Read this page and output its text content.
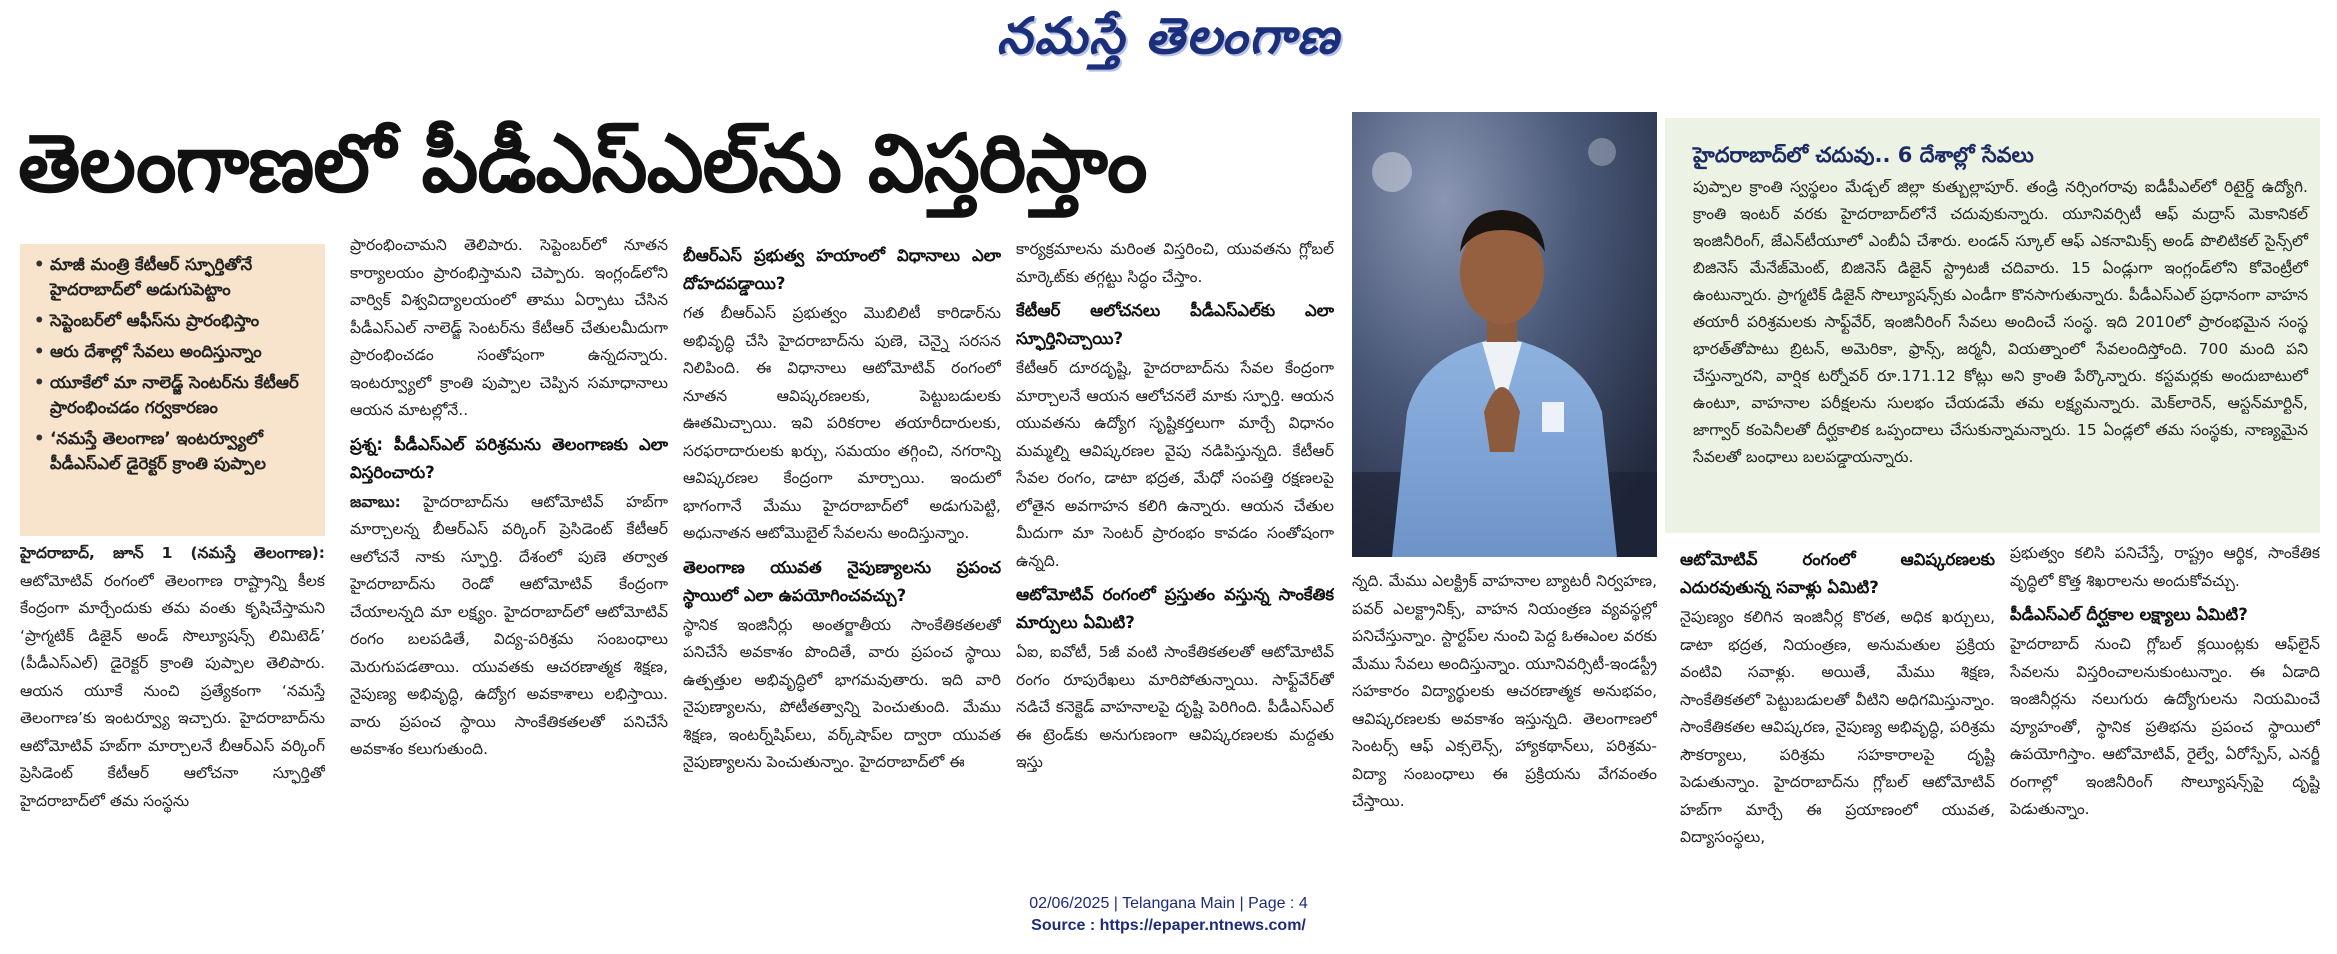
నమస్తే తెలంగాణ
తెలంగాణలో పీడీఎస్‌ఎల్‌ను విస్తరిస్తాం
• మాజీ మంత్రి కేటీఆర్ స్ఫూర్తితోనే హైదరాబాద్‌లో అడుగుపెట్టాం
• సెప్టెంబర్‌లో ఆఫీస్‌ను ప్రారంభిస్తాం
• ఆరు దేశాల్లో సేవలు అందిస్తున్నాం
• యూకేలో మా నాలెడ్జ్ సెంటర్‌ను కేటీఆర్ ప్రారంభించడం గర్వకారణం
• ‘నమస్తే తెలంగాణ’ ఇంటర్వ్యూలో పీడీఎస్‌ఎల్ డైరెక్టర్ క్రాంతి పుప్పాల

హైదరాబాద్, జూన్ 1 (నమస్తే తెలంగాణ): ఆటోమోటివ్ రంగంలో తెలంగాణ రాష్ట్రాన్ని కీలక కేంద్రంగా మార్చేందుకు తమ వంతు కృషిచేస్తామని ‘ప్రాగ్మటిక్ డిజైన్ అండ్ సొల్యూషన్స్ లిమిటెడ్’ (పీడీఎస్‌ఎల్) డైరెక్టర్ క్రాంతి పుప్పాల తెలిపారు. ఆయన యూకే నుంచి ప్రత్యేకంగా ‘నమస్తే తెలంగాణ’కు ఇంటర్వ్యూ ఇచ్చారు. హైదరాబాద్‌ను ఆటోమోటివ్ హబ్‌గా మార్చాలనే బీఆర్‌ఎస్ వర్కింగ్ ప్రెసిడెంట్ కేటీఆర్ ఆలోచనా స్ఫూర్తితో హైదరాబాద్‌లో తమ సంస్థను

ప్రారంభించామని తెలిపారు. సెప్టెంబర్‌లో నూతన కార్యాలయం ప్రారంభిస్తామని చెప్పారు. ఇంగ్లండ్‌లోని వార్విక్ విశ్వవిద్యాలయంలో తాము ఏర్పాటు చేసిన పీడీఎస్‌ఎల్ నాలెడ్జ్ సెంటర్‌ను కేటీఆర్ చేతులమీదుగా ప్రారంభించడం సంతోషంగా ఉన్నదన్నారు. ఇంటర్వ్యూలో క్రాంతి పుప్పాల చెప్పిన సమాధానాలు ఆయన మాటల్లోనే..

ప్రశ్న: పీడీఎస్‌ఎల్ పరిశ్రమను తెలంగాణకు ఎలా విస్తరించారు?

జవాబు: హైదరాబాద్‌ను ఆటోమోటివ్ హబ్‌గా మార్చాలన్న బీఆర్‌ఎస్ వర్కింగ్ ప్రెసిడెంట్ కేటీఆర్ ఆలోచనే నాకు స్ఫూర్తి. దేశంలో పుణె తర్వాత హైదరాబాద్‌ను రెండో ఆటోమోటివ్ కేంద్రంగా చేయాలన్నది మా లక్ష్యం. హైదరాబాద్‌లో ఆటోమోటివ్ రంగం బలపడితే, విద్య-పరిశ్రమ సంబంధాలు మెరుగుపడతాయి. యువతకు ఆచరణాత్మక శిక్షణ, నైపుణ్య అభివృద్ధి, ఉద్యోగ అవకాశాలు లభిస్తాయి. వారు ప్రపంచ స్థాయి సాంకేతికతలతో పనిచేసే అవకాశం కలుగుతుంది.

బీఆర్‌ఎస్ ప్రభుత్వ హయాంలో విధానాలు ఎలా దోహదపడ్డాయి?

గత బీఆర్‌ఎస్ ప్రభుత్వం మొబిలిటీ కారిడార్‌ను అభివృద్ధి చేసి హైదరాబాద్‌ను పుణె, చెన్నై సరసన నిలిపింది. ఈ విధానాలు ఆటోమోటివ్ రంగంలో నూతన ఆవిష్కరణలకు, పెట్టుబడులకు ఊతమిచ్చాయి. ఇవి పరికరాల తయారీదారులకు, సరఫరాదారులకు ఖర్చు, సమయం తగ్గించి, నగరాన్ని ఆవిష్కరణల కేంద్రంగా మార్చాయి. ఇందులో భాగంగానే మేము హైదరాబాద్‌లో అడుగుపెట్టి, అధునాతన ఆటోమొబైల్ సేవలను అందిస్తున్నాం.

తెలంగాణ యువత నైపుణ్యాలను ప్రపంచ స్థాయిలో ఎలా ఉపయోగించవచ్చు?

స్థానిక ఇంజినీర్లు అంతర్జాతీయ సాంకేతికతలతో పనిచేసే అవకాశం పొందితే, వారు ప్రపంచ స్థాయి ఉత్పత్తుల అభివృద్ధిలో భాగమవుతారు. ఇది వారి నైపుణ్యాలను, పోటీతత్వాన్ని పెంచుతుంది. మేము శిక్షణ, ఇంటర్న్‌షిప్‌లు, వర్క్‌షాప్‌ల ద్వారా యువత నైపుణ్యాలను పెంచుతున్నాం. హైదరాబాద్‌లో ఈ

కార్యక్రమాలను మరింత విస్తరించి, యువతను గ్లోబల్ మార్కెట్‌కు తగ్గట్టు సిద్ధం చేస్తాం.

కేటీఆర్ ఆలోచనలు పీడీఎస్‌ఎల్‌కు ఎలా స్ఫూర్తినిచ్చాయి?

కేటీఆర్ దూరదృష్టి, హైదరాబాద్‌ను సేవల కేంద్రంగా మార్చాలనే ఆయన ఆలోచనలే మాకు స్ఫూర్తి. ఆయన యువతను ఉద్యోగ సృష్టికర్తలుగా మార్చే విధానం మమ్మల్ని ఆవిష్కరణల వైపు నడిపిస్తున్నది. కేటీఆర్ సేవల రంగం, డాటా భద్రత, మేధో సంపత్తి రక్షణలపై లోతైన అవగాహన కలిగి ఉన్నారు. ఆయన చేతుల మీదుగా మా సెంటర్ ప్రారంభం కావడం సంతోషంగా ఉన్నది.

ఆటోమోటివ్ రంగంలో ప్రస్తుతం వస్తున్న సాంకేతిక మార్పులు ఏమిటి?

ఏఐ, ఐవోటీ, 5జీ వంటి సాంకేతికతలతో ఆటోమోటివ్ రంగం రూపురేఖలు మారిపోతున్నాయి. సాఫ్ట్‌వేర్‌తో నడిచే కనెక్టెడ్ వాహనాలపై దృష్టి పెరిగింది. పీడీఎస్‌ఎల్ ఈ ట్రెండ్‌కు అనుగుణంగా ఆవిష్కరణలకు మద్దతు ఇస్తు

న్నది. మేము ఎలక్ట్రిక్ వాహనాల బ్యాటరీ నిర్వహణ, పవర్ ఎలక్ట్రానిక్స్, వాహన నియంత్రణ వ్యవస్థల్లో పనిచేస్తున్నాం. స్టార్టప్‌ల నుంచి పెద్ద ఓఈఎంల వరకు మేము సేవలు అందిస్తున్నాం. యూనివర్సిటీ-ఇండస్ట్రీ సహకారం విద్యార్థులకు ఆచరణాత్మక అనుభవం, ఆవిష్కరణలకు అవకాశం ఇస్తున్నది. తెలంగాణలో సెంటర్స్ ఆఫ్ ఎక్సలెన్స్, హ్యాకథాన్‌లు, పరిశ్రమ-విద్యా సంబంధాలు ఈ ప్రక్రియను వేగవంతం చేస్తాయి.

హైదరాబాద్‌లో చదువు.. 6 దేశాల్లో సేవలు
పుప్పాల క్రాంతి స్వస్థలం మేడ్చల్ జిల్లా కుత్బుల్లాపూర్. తండ్రి నర్సింగరావు ఐడీపీఎల్‌లో రిటైర్డ్ ఉద్యోగి. క్రాంతి ఇంటర్ వరకు హైదరాబాద్‌లోనే చదువుకున్నారు. యూనివర్సిటీ ఆఫ్ మద్రాస్ మెకానికల్ ఇంజినీరింగ్, జేఎన్‌టీయూలో ఎంబీఏ చేశారు. లండన్ స్కూల్ ఆఫ్ ఎకనామిక్స్ అండ్ పొలిటికల్ సైన్స్‌లో బిజినెస్ మేనేజ్‌మెంట్, బిజినెస్ డిజైన్ స్ట్రాటజీ చదివారు. 15 ఏండ్లుగా ఇంగ్లండ్‌లోని కోవెంట్రీలో ఉంటున్నారు. ప్రాగ్మటిక్ డిజైన్ సొల్యూషన్స్‌కు ఎండీగా కొనసాగుతున్నారు. పీడీఎస్‌ఎల్ ప్రధానంగా వాహన తయారీ పరిశ్రమలకు సాఫ్ట్‌వేర్, ఇంజినీరింగ్ సేవలు అందించే సంస్థ. ఇది 2010లో ప్రారంభమైన సంస్థ భారత్‌తోపాటు బ్రిటన్, అమెరికా, ఫ్రాన్స్, జర్మనీ, వియత్నాంలో సేవలందిస్తోంది. 700 మంది పని చేస్తున్నారని, వార్షిక టర్నోవర్ రూ.171.12 కోట్లు అని క్రాంతి పేర్కొన్నారు. కస్టమర్లకు అందుబాటులో ఉంటూ, వాహనాల పరీక్షలను సులభం చేయడమే తమ లక్ష్యమన్నారు. మెక్‌లారెన్, ఆస్టన్‌మార్టిన్, జాగ్వార్ కంపెనీలతో దీర్ఘకాలిక ఒప్పందాలు చేసుకున్నామన్నారు. 15 ఏండ్లలో తమ సంస్థకు, నాణ్యమైన సేవలతో బంధాలు బలపడ్డాయన్నారు.

ఆటోమోటివ్ రంగంలో ఆవిష్కరణలకు ఎదురవుతున్న సవాళ్లు ఏమిటి?

నైపుణ్యం కలిగిన ఇంజినీర్ల కొరత, అధిక ఖర్చులు, డాటా భద్రత, నియంత్రణ, అనుమతుల ప్రక్రియ వంటివి సవాళ్లు. అయితే, మేము శిక్షణ, సాంకేతికతలో పెట్టుబడులతో వీటిని అధిగమిస్తున్నాం. సాంకేతికతల ఆవిష్కరణ, నైపుణ్య అభివృద్ధి, పరిశ్రమ సౌకర్యాలు, పరిశ్రమ సహకారాలపై దృష్టి పెడుతున్నాం. హైదరాబాద్‌ను గ్లోబల్ ఆటోమోటివ్ హబ్‌గా మార్చే ఈ ప్రయాణంలో యువత, విద్యాసంస్థలు,

ప్రభుత్వం కలిసి పనిచేస్తే, రాష్ట్రం ఆర్థిక, సాంకేతిక వృద్ధిలో కొత్త శిఖరాలను అందుకోవచ్చు.

పీడీఎస్‌ఎల్ దీర్ఘకాల లక్ష్యాలు ఏమిటి?

హైదరాబాద్ నుంచి గ్లోబల్ క్లయింట్లకు ఆఫ్‌లైన్ సేవలను విస్తరించాలనుకుంటున్నాం. ఈ ఏడాది ఇంజినీర్లను నలుగురు ఉద్యోగులను నియమించే వ్యూహంతో, స్థానిక ప్రతిభను ప్రపంచ స్థాయిలో ఉపయోగిస్తాం. ఆటోమోటివ్, రైల్వే, ఏరోస్పేస్, ఎనర్జీ రంగాల్లో ఇంజినీరింగ్ సొల్యూషన్స్‌పై దృష్టి పెడుతున్నాం.

02/06/2025 | Telangana Main | Page : 4
Source : https://epaper.ntnews.com/
